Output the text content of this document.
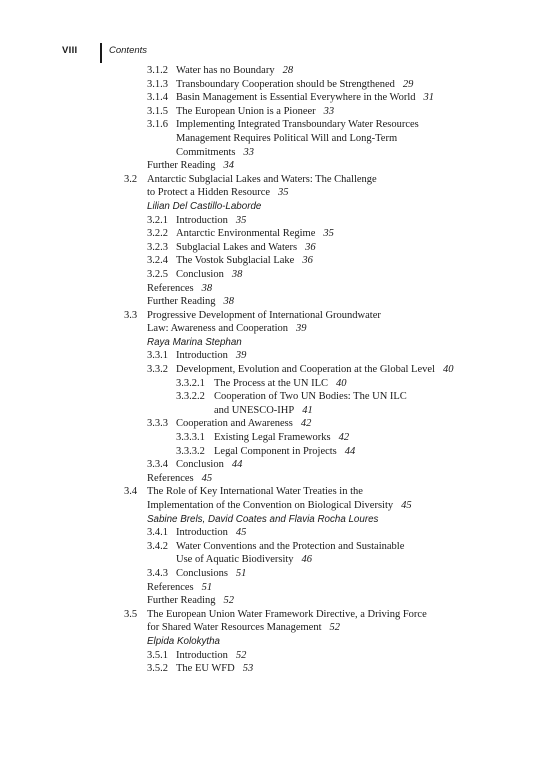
VIII	Contents
3.1.2 Water has no Boundary 28
3.1.3 Transboundary Cooperation should be Strengthened 29
3.1.4 Basin Management is Essential Everywhere in the World 31
3.1.5 The European Union is a Pioneer 33
3.1.6 Implementing Integrated Transboundary Water Resources
Management Requires Political Will and Long-Term
Commitments 33
Further Reading 34
3.2 Antarctic Subglacial Lakes and Waters: The Challenge
to Protect a Hidden Resource 35
Lilian Del Castillo-Laborde
3.2.1 Introduction 35
3.2.2 Antarctic Environmental Regime 35
3.2.3 Subglacial Lakes and Waters 36
3.2.4 The Vostok Subglacial Lake 36
3.2.5 Conclusion 38
References 38
Further Reading 38
3.3 Progressive Development of International Groundwater
Law: Awareness and Cooperation 39
Raya Marina Stephan
3.3.1 Introduction 39
3.3.2 Development, Evolution and Cooperation at the Global Level 40
3.3.2.1 The Process at the UN ILC 40
3.3.2.2 Cooperation of Two UN Bodies: The UN ILC
and UNESCO-IHP 41
3.3.3 Cooperation and Awareness 42
3.3.3.1 Existing Legal Frameworks 42
3.3.3.2 Legal Component in Projects 44
3.3.4 Conclusion 44
References 45
3.4 The Role of Key International Water Treaties in the
Implementation of the Convention on Biological Diversity 45
Sabine Brels, David Coates and Flavia Rocha Loures
3.4.1 Introduction 45
3.4.2 Water Conventions and the Protection and Sustainable
Use of Aquatic Biodiversity 46
3.4.3 Conclusions 51
References 51
Further Reading 52
3.5 The European Union Water Framework Directive, a Driving Force
for Shared Water Resources Management 52
Elpida Kolokytha
3.5.1 Introduction 52
3.5.2 The EU WFD 53
